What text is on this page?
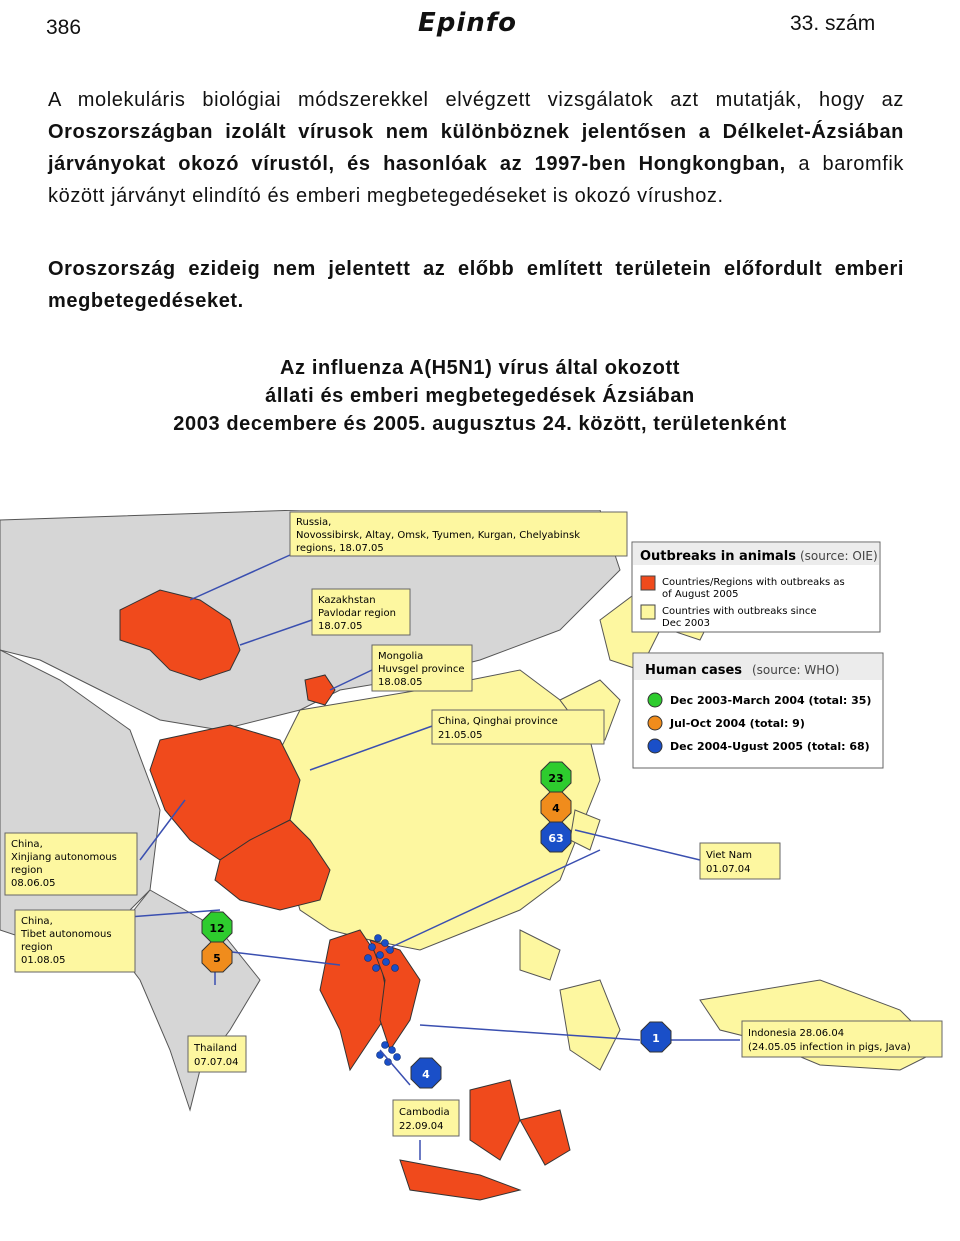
386	Epinfo	33. szám
A molekuláris biológiai módszerekkel elvégzett vizsgálatok azt mutatják, hogy az Oroszországban izolált vírusok nem különböznek jelentősen a Délkelet-Ázsiában járványokat okozó vírustól, és hasonlóak az 1997-ben Hongkongban, a baromfik között járványt elindító és emberi megbetegedéseket is okozó vírushoz.
Oroszország ezideig nem jelentett az előbb említett területein előfordult emberi megbetegedéseket.
Az influenza A(H5N1) vírus által okozott
állati és emberi megbetegedések Ázsiában
2003 decembere és 2005. augusztus 24. között, területenként
Russia,
Novossibirsk, Altay, Omsk, Tyumen, Kurgan, Chelyabinsk
regions, 18.07.05
Kazakhstan
Pavlodar region
18.07.05
Mongolia
Huvsgel province
18.08.05
China, Qinghai province
21.05.05
China,
Xinjiang autonomous
region
08.06.05
China,
Tibet autonomous
region
01.08.05
Viet Nam
01.07.04
Indonesia 28.06.04
(24.05.05 infection in pigs, Java)
Thailand
07.07.04
Cambodia
22.09.04
Outbreaks in animals (source: OIE)
Countries/Regions with outbreaks as
of August 2005
Countries with outbreaks since
Dec 2003
Human cases (source: WHO)
Dec 2003-March 2004 (total: 35)
Jul-Oct 2004 (total: 9)
Dec 2004-Ugust 2005 (total: 68)
23
4
63
12
5
1
4
